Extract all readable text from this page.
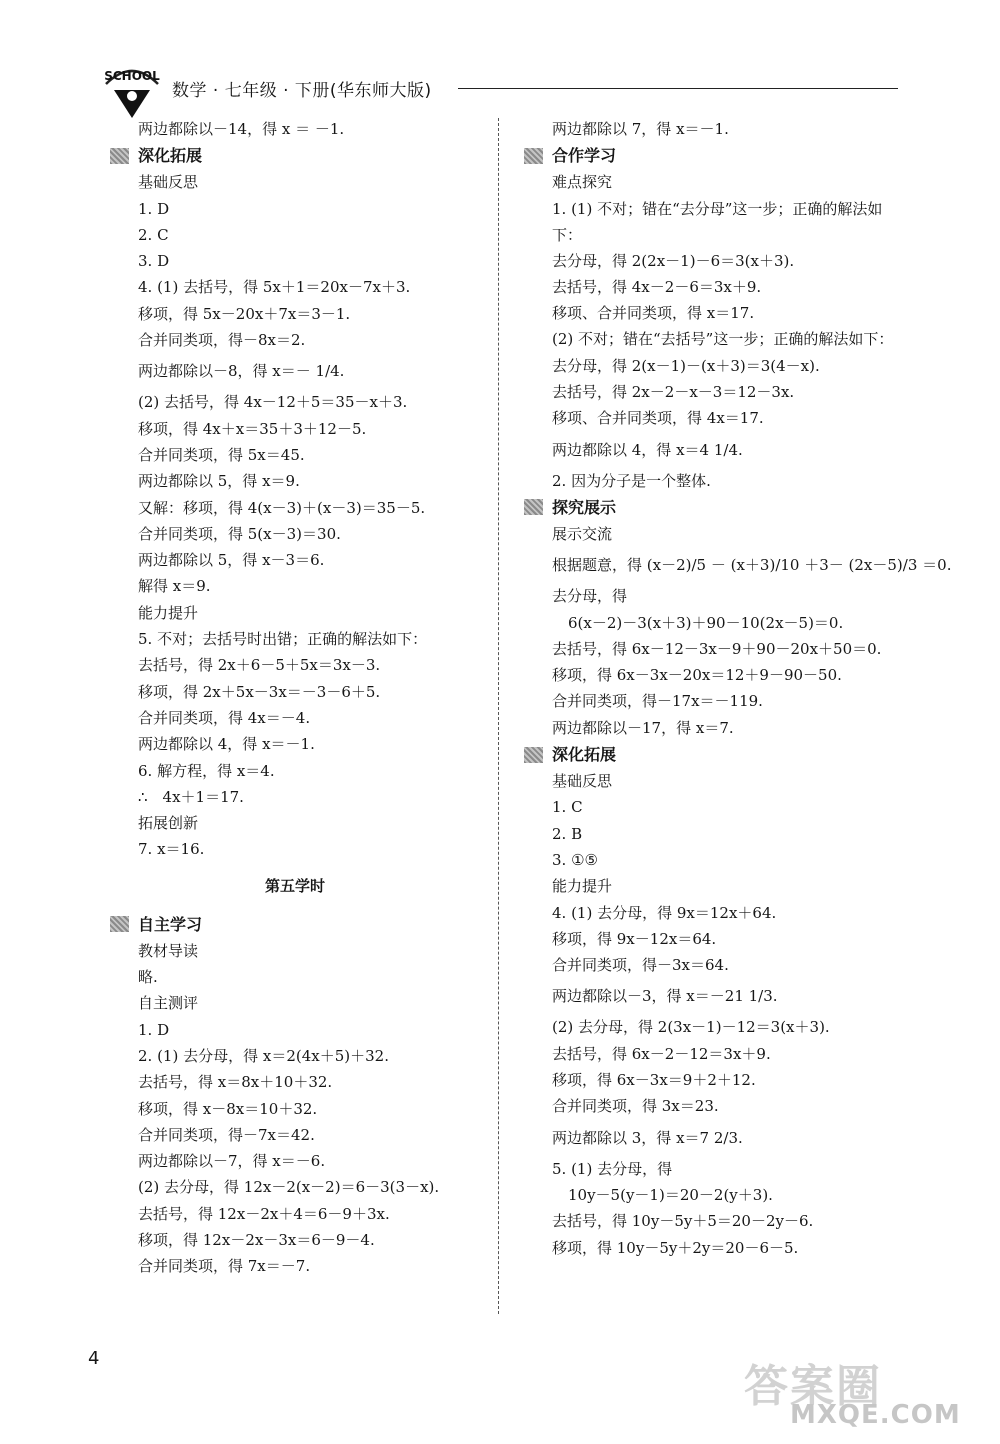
SCHOOL
数学 · 七年级 · 下册(华东师大版)
两边都除以－14，得 x ＝ －1.
深化拓展
基础反思
1. D
2. C
3. D
4. (1) 去括号，得 5x＋1＝20x－7x＋3.
移项，得 5x－20x＋7x＝3－1.
合并同类项，得－8x＝2.
两边都除以－8，得 x＝－ 1/4.
(2) 去括号，得 4x－12＋5＝35－x＋3.
移项，得 4x＋x＝35＋3＋12－5.
合并同类项，得 5x＝45.
两边都除以 5，得 x＝9.
又解：移项，得 4(x－3)＋(x－3)＝35－5.
合并同类项，得 5(x－3)＝30.
两边都除以 5，得 x－3＝6.
解得 x＝9.
能力提升
5. 不对；去括号时出错；正确的解法如下：
去括号，得 2x＋6－5＋5x＝3x－3.
移项，得 2x＋5x－3x＝－3－6＋5.
合并同类项，得 4x＝－4.
两边都除以 4，得 x＝－1.
6. 解方程，得 x＝4.
∴　4x＋1＝17.
拓展创新
7. x＝16.
第五学时
自主学习
教材导读
略.
自主测评
1. D
2. (1) 去分母，得 x＝2(4x＋5)＋32.
去括号，得 x＝8x＋10＋32.
移项，得 x－8x＝10＋32.
合并同类项，得－7x＝42.
两边都除以－7，得 x＝－6.
(2) 去分母，得 12x－2(x－2)＝6－3(3－x).
去括号，得 12x－2x＋4＝6－9＋3x.
移项，得 12x－2x－3x＝6－9－4.
合并同类项，得 7x＝－7.
两边都除以 7，得 x＝－1.
合作学习
难点探究
1. (1) 不对；错在“去分母”这一步；正确的解法如下：
去分母，得 2(2x－1)－6＝3(x＋3).
去括号，得 4x－2－6＝3x＋9.
移项、合并同类项，得 x＝17.
(2) 不对；错在“去括号”这一步；正确的解法如下：
去分母，得 2(x－1)－(x＋3)＝3(4－x).
去括号，得 2x－2－x－3＝12－3x.
移项、合并同类项，得 4x＝17.
两边都除以 4，得 x＝4 1/4.
2. 因为分子是一个整体.
探究展示
展示交流
根据题意，得 (x－2)/5 － (x＋3)/10 ＋3－ (2x－5)/3 ＝0.
去分母，得
6(x－2)－3(x＋3)＋90－10(2x－5)＝0.
去括号，得 6x－12－3x－9＋90－20x＋50＝0.
移项，得 6x－3x－20x＝12＋9－90－50.
合并同类项，得－17x＝－119.
两边都除以－17，得 x＝7.
深化拓展
基础反思
1. C
2. B
3. ①⑤
能力提升
4. (1) 去分母，得 9x＝12x＋64.
移项，得 9x－12x＝64.
合并同类项，得－3x＝64.
两边都除以－3，得 x＝－21 1/3.
(2) 去分母，得 2(3x－1)－12＝3(x＋3).
去括号，得 6x－2－12＝3x＋9.
移项，得 6x－3x＝9＋2＋12.
合并同类项，得 3x＝23.
两边都除以 3，得 x＝7 2/3.
5. (1) 去分母，得
10y－5(y－1)＝20－2(y＋3).
去括号，得 10y－5y＋5＝20－2y－6.
移项，得 10y－5y＋2y＝20－6－5.
4
答案圈
MXQE.COM
